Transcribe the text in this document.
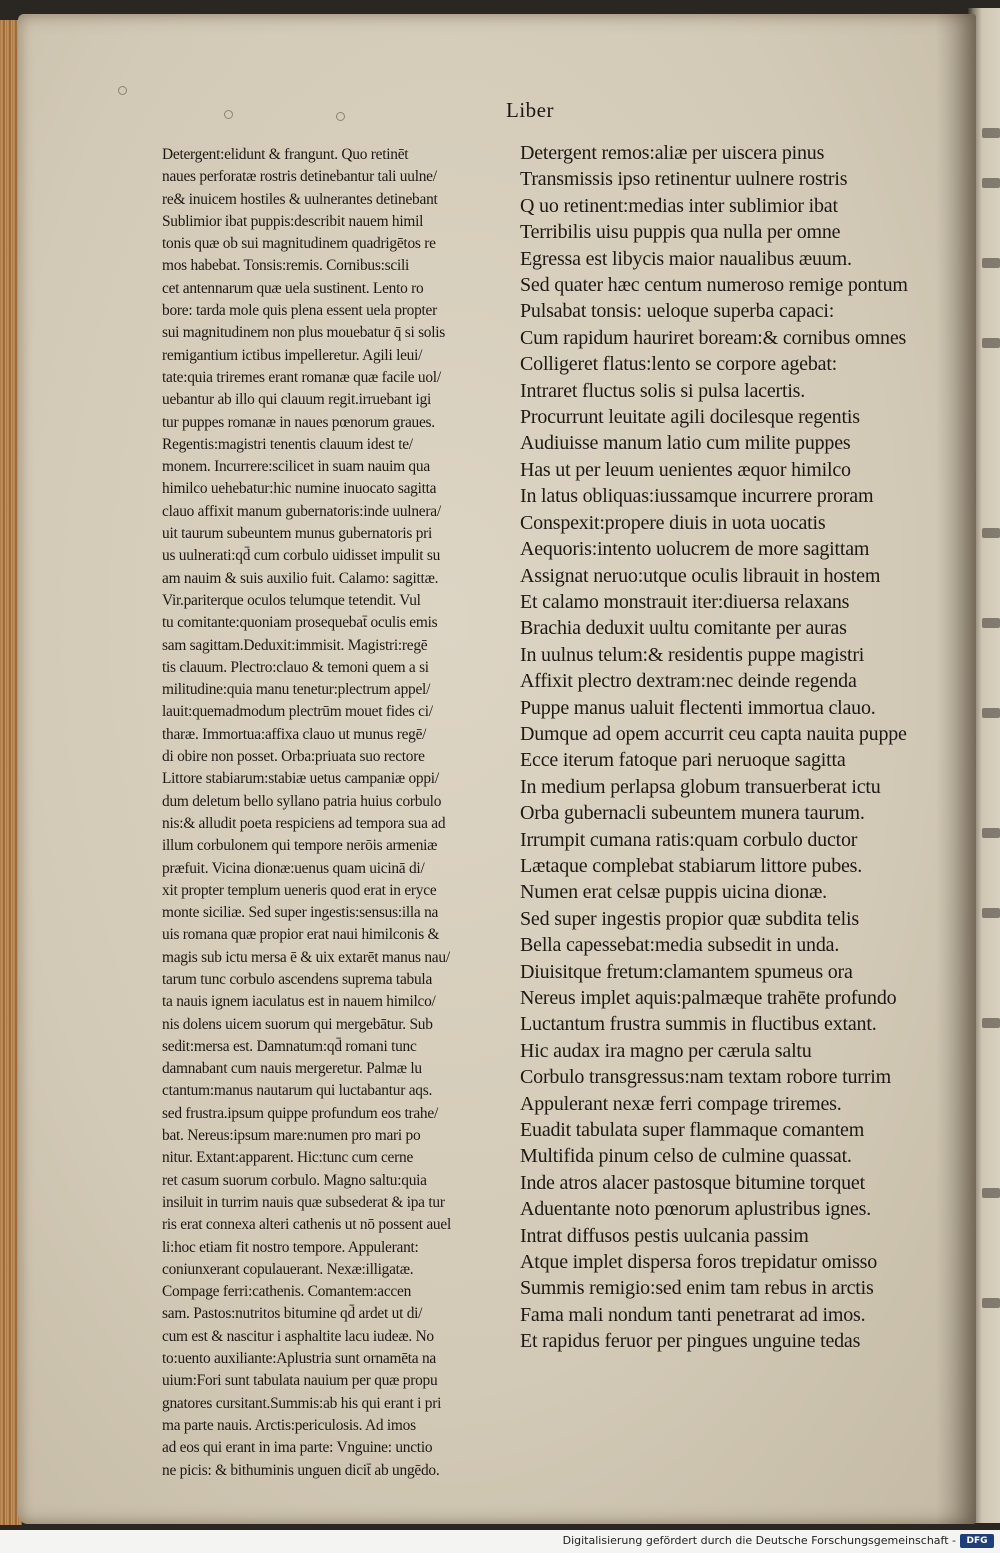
Liber
Detergent:elidunt & frangunt. Quo retinēt
naues perforatæ rostris detinebantur tali uulne/
re& inuicem hostiles & uulnerantes detinebant
Sublimior ibat puppis:describit nauem himil
tonis quæ ob sui magnitudinem quadrigētos re
mos habebat. Tonsis:remis. Cornibus:scili
cet antennarum quæ uela sustinent. Lento ro
bore: tarda mole quis plena essent uela propter
sui magnitudinem non plus mouebatur q̄ si solis
remigantium ictibus impelleretur. Agili leui/
tate:quia triremes erant romanæ quæ facile uol/
uebantur ab illo qui clauum regit.irruebant igi
tur puppes romanæ in naues pœnorum graues.
Regentis:magistri tenentis clauum idest te/
monem. Incurrere:scilicet in suam nauim qua
himilco uehebatur:hic numine inuocato sagitta
clauo affixit manum gubernatoris:inde uulnera/
uit taurum subeuntem munus gubernatoris pri
us uulnerati:qd̄ cum corbulo uidisset impulit su
am nauim & suis auxilio fuit. Calamo: sagittæ.
Vir.pariterque oculos telumque tetendit. Vul
tu comitante:quoniam prosequebat̄ oculis emis
sam sagittam.Deduxit:immisit. Magistri:regē
tis clauum. Plectro:clauo & temoni quem a si
militudine:quia manu tenetur:plectrum appel/
lauit:quemadmodum plectrūm mouet fides ci/
tharæ. Immortua:affixa clauo ut munus regē/
di obire non posset. Orba:priuata suo rectore
Littore stabiarum:stabiæ uetus campaniæ oppi/
dum deletum bello syllano patria huius corbulo
nis:& alludit poeta respiciens ad tempora sua ad
illum corbulonem qui tempore nerōis armeniæ
præfuit. Vicina dionæ:uenus quam uicinā di/
xit propter templum ueneris quod erat in eryce
monte siciliæ. Sed super ingestis:sensus:illa na
uis romana quæ propior erat naui himilconis &
magis sub ictu mersa ē & uix extarēt manus nau/
tarum tunc corbulo ascendens suprema tabula
ta nauis ignem iaculatus est in nauem himilco/
nis dolens uicem suorum qui mergebātur. Sub
sedit:mersa est. Damnatum:qd̄ romani tunc
damnabant cum nauis mergeretur. Palmæ lu
ctantum:manus nautarum qui luctabantur aqs.
sed frustra.ipsum quippe profundum eos trahe/
bat. Nereus:ipsum mare:numen pro mari po
nitur. Extant:apparent. Hic:tunc cum cerne
ret casum suorum corbulo. Magno saltu:quia
insiluit in turrim nauis quæ subsederat & ipa tur
ris erat connexa alteri cathenis ut nō possent auel
li:hoc etiam fit nostro tempore. Appulerant:
coniunxerant copulauerant. Nexæ:illigatæ.
Compage ferri:cathenis. Comantem:accen
sam. Pastos:nutritos bitumine qd̄ ardet ut di/
cum est & nascitur i asphaltite lacu iudeæ. No
to:uento auxiliante:Aplustria sunt ornamēta na
uium:Fori sunt tabulata nauium per quæ propu
gnatores cursitant.Summis:ab his qui erant i pri
ma parte nauis. Arctis:periculosis. Ad imos
ad eos qui erant in ima parte: Vnguine: unctio
ne picis: & bithuminis unguen dicit̄ ab ungēdo.
Detergent remos:aliæ per uiscera pinus
Transmissis ipso retinentur uulnere rostris
Q uo retinent:medias inter sublimior ibat
Terribilis uisu puppis qua nulla per omne
Egressa est libycis maior naualibus æuum.
Sed quater hæc centum numeroso remige pontum
Pulsabat tonsis: ueloque superba capaci:
Cum rapidum hauriret boream:& cornibus omnes
Colligeret flatus:lento se corpore agebat:
Intraret fluctus solis si pulsa lacertis.
Procurrunt leuitate agili docilesque regentis
Audiuisse manum latio cum milite puppes
Has ut per leuum uenientes æquor himilco
In latus obliquas:iussamque incurrere proram
Conspexit:propere diuis in uota uocatis
Aequoris:intento uolucrem de more sagittam
Assignat neruo:utque oculis librauit in hostem
Et calamo monstrauit iter:diuersa relaxans
Brachia deduxit uultu comitante per auras
In uulnus telum:& residentis puppe magistri
Affixit plectro dextram:nec deinde regenda
Puppe manus ualuit flectenti immortua clauo.
Dumque ad opem accurrit ceu capta nauita puppe
Ecce iterum fatoque pari neruoque sagitta
In medium perlapsa globum transuerberat ictu
Orba gubernacli subeuntem munera taurum.
Irrumpit cumana ratis:quam corbulo ductor
Lætaque complebat stabiarum littore pubes.
Numen erat celsæ puppis uicina dionæ.
Sed super ingestis propior quæ subdita telis
Bella capessebat:media subsedit in unda.
Diuisitque fretum:clamantem spumeus ora
Nereus implet aquis:palmæque trahēte profundo
Luctantum frustra summis in fluctibus extant.
Hic audax ira magno per cærula saltu
Corbulo transgressus:nam textam robore turrim
Appulerant nexæ ferri compage triremes.
Euadit tabulata super flammaque comantem
Multifida pinum celso de culmine quassat.
Inde atros alacer pastosque bitumine torquet
Aduentante noto pœnorum aplustribus ignes.
Intrat diffusos pestis uulcania passim
Atque implet dispersa foros trepidatur omisso
Summis remigio:sed enim tam rebus in arctis
Fama mali nondum tanti penetrarat ad imos.
Et rapidus feruor per pingues unguine tedas
Digitalisierung gefördert durch die Deutsche Forschungsgemeinschaft -	DFG
